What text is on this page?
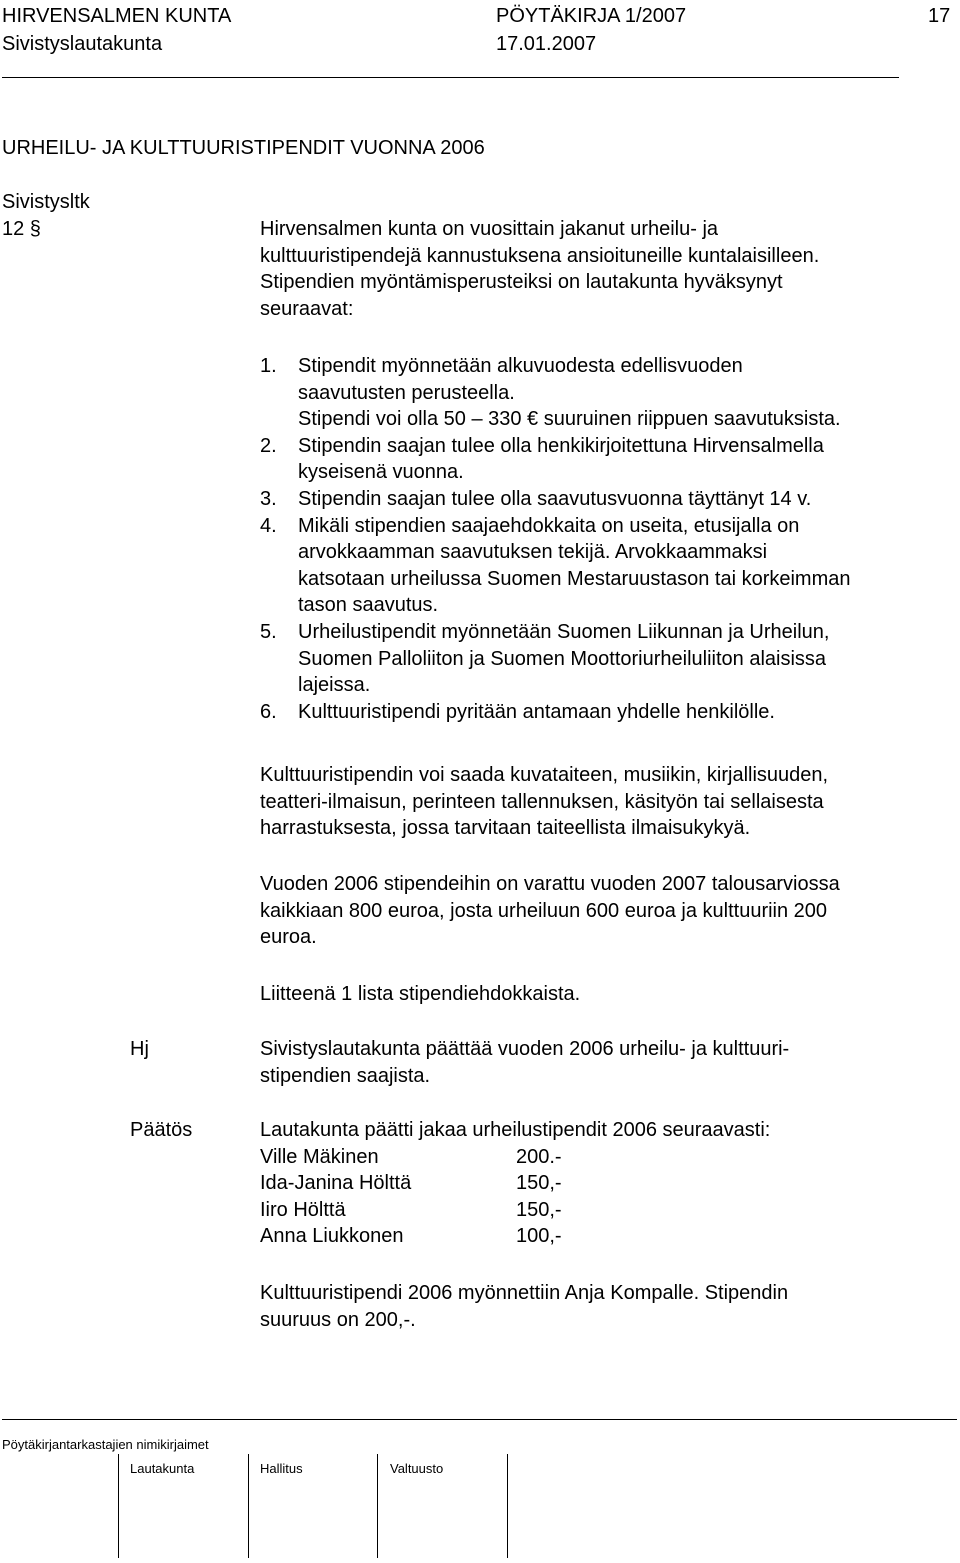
HIRVENSALMEN KUNTA
Sivistyslautakunta
PÖYTÄKIRJA 1/2007
17.01.2007
17
URHEILU- JA KULTTUURISTIPENDIT VUONNA 2006
Sivistysltk
12 §	Hirvensalmen kunta on vuosittain jakanut urheilu- ja
kulttuuristipendejä kannustuksena ansioituneille kuntalaisilleen.
Stipendien myöntämisperusteiksi on lautakunta hyväksynyt
seuraavat:
1. Stipendit myönnetään alkuvuodesta edellisvuoden
saavutusten perusteella.
Stipendi voi olla 50 – 330 € suuruinen riippuen saavutuksista.
2. Stipendin saajan tulee olla henkikirjoitettuna Hirvensalmella
kyseisenä vuonna.
3. Stipendin saajan tulee olla saavutusvuonna täyttänyt 14 v.
4. Mikäli stipendien saajaehdokkaita on useita, etusijalla on
arvokkaamman saavutuksen tekijä. Arvokkaammaksi
katsotaan urheilussa Suomen Mestaruustason tai korkeimman
tason saavutus.
5. Urheilustipendit myönnetään Suomen Liikunnan ja Urheilun,
Suomen Palloliiton ja Suomen Moottoriurheiluliiton alaisissa
lajeissa.
6. Kulttuuristipendi pyritään antamaan yhdelle henkilölle.
Kulttuuristipendin voi saada kuvataiteen, musiikin, kirjallisuuden,
teatteri-ilmaisun, perinteen tallennuksen, käsityön tai sellaisesta
harrastuksesta, jossa tarvitaan taiteellista ilmaisukykyä.
Vuoden 2006 stipendeihin on varattu vuoden 2007 talousarviossa
kaikkiaan 800 euroa, josta urheiluun 600 euroa ja kulttuuriin 200
euroa.
Liitteenä 1 lista stipendiehdokkaista.
Hj	Sivistyslautakunta päättää vuoden 2006 urheilu- ja kulttuuri-
stipendien saajista.
Päätös	Lautakunta päätti jakaa urheilustipendit 2006 seuraavasti:
Ville Mäkinen	200.-
Ida-Janina Hölttä	150,-
Iiro Hölttä	150,-
Anna Liukkonen	100,-
Kulttuuristipendi 2006 myönnettiin Anja Kompalle. Stipendin
suuruus on 200,-.
Pöytäkirjantarkastajien nimikirjaimet
Lautakunta	Hallitus	Valtuusto
